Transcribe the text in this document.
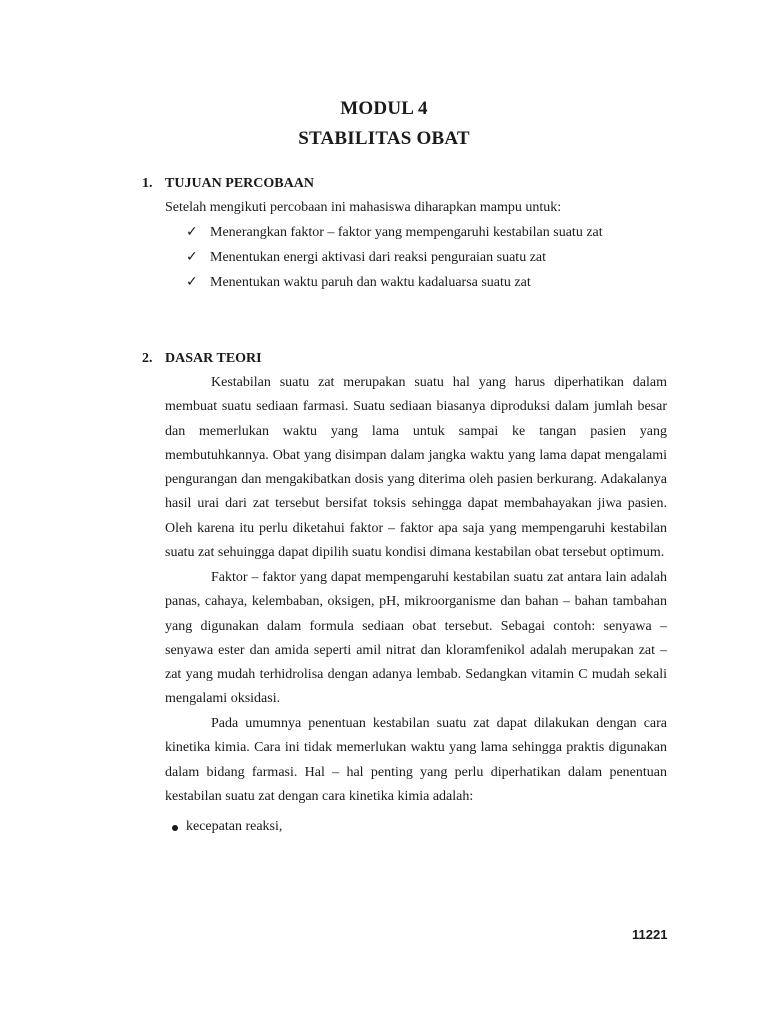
MODUL 4
STABILITAS OBAT
1. TUJUAN PERCOBAAN
Setelah mengikuti percobaan ini mahasiswa diharapkan mampu untuk:
✓ Menerangkan faktor – faktor yang mempengaruhi kestabilan suatu zat
✓ Menentukan energi aktivasi dari reaksi penguraian suatu zat
✓ Menentukan waktu paruh dan waktu kadaluarsa suatu zat
2. DASAR TEORI

Kestabilan suatu zat merupakan suatu hal yang harus diperhatikan dalam membuat suatu sediaan farmasi. Suatu sediaan biasanya diproduksi dalam jumlah besar dan memerlukan waktu yang lama untuk sampai ke tangan pasien yang membutuhkannya. Obat yang disimpan dalam jangka waktu yang lama dapat mengalami pengurangan dan mengakibatkan dosis yang diterima oleh pasien berkurang. Adakalanya hasil urai dari zat tersebut bersifat toksis sehingga dapat membahayakan jiwa pasien. Oleh karena itu perlu diketahui faktor – faktor apa saja yang mempengaruhi kestabilan suatu zat sehuingga dapat dipilih suatu kondisi dimana kestabilan obat tersebut optimum.

Faktor – faktor yang dapat mempengaruhi kestabilan suatu zat antara lain adalah panas, cahaya, kelembaban, oksigen, pH, mikroorganisme dan bahan – bahan tambahan yang digunakan dalam formula sediaan obat tersebut. Sebagai contoh: senyawa – senyawa ester dan amida seperti amil nitrat dan kloramfenikol adalah merupakan zat – zat yang mudah terhidrolisa dengan adanya lembab. Sedangkan vitamin C mudah sekali mengalami oksidasi.

Pada umumnya penentuan kestabilan suatu zat dapat dilakukan dengan cara kinetika kimia. Cara ini tidak memerlukan waktu yang lama sehingga praktis digunakan dalam bidang farmasi. Hal – hal penting yang perlu diperhatikan dalam penentuan kestabilan suatu zat dengan cara kinetika kimia adalah:

kecepatan reaksi,
11221
